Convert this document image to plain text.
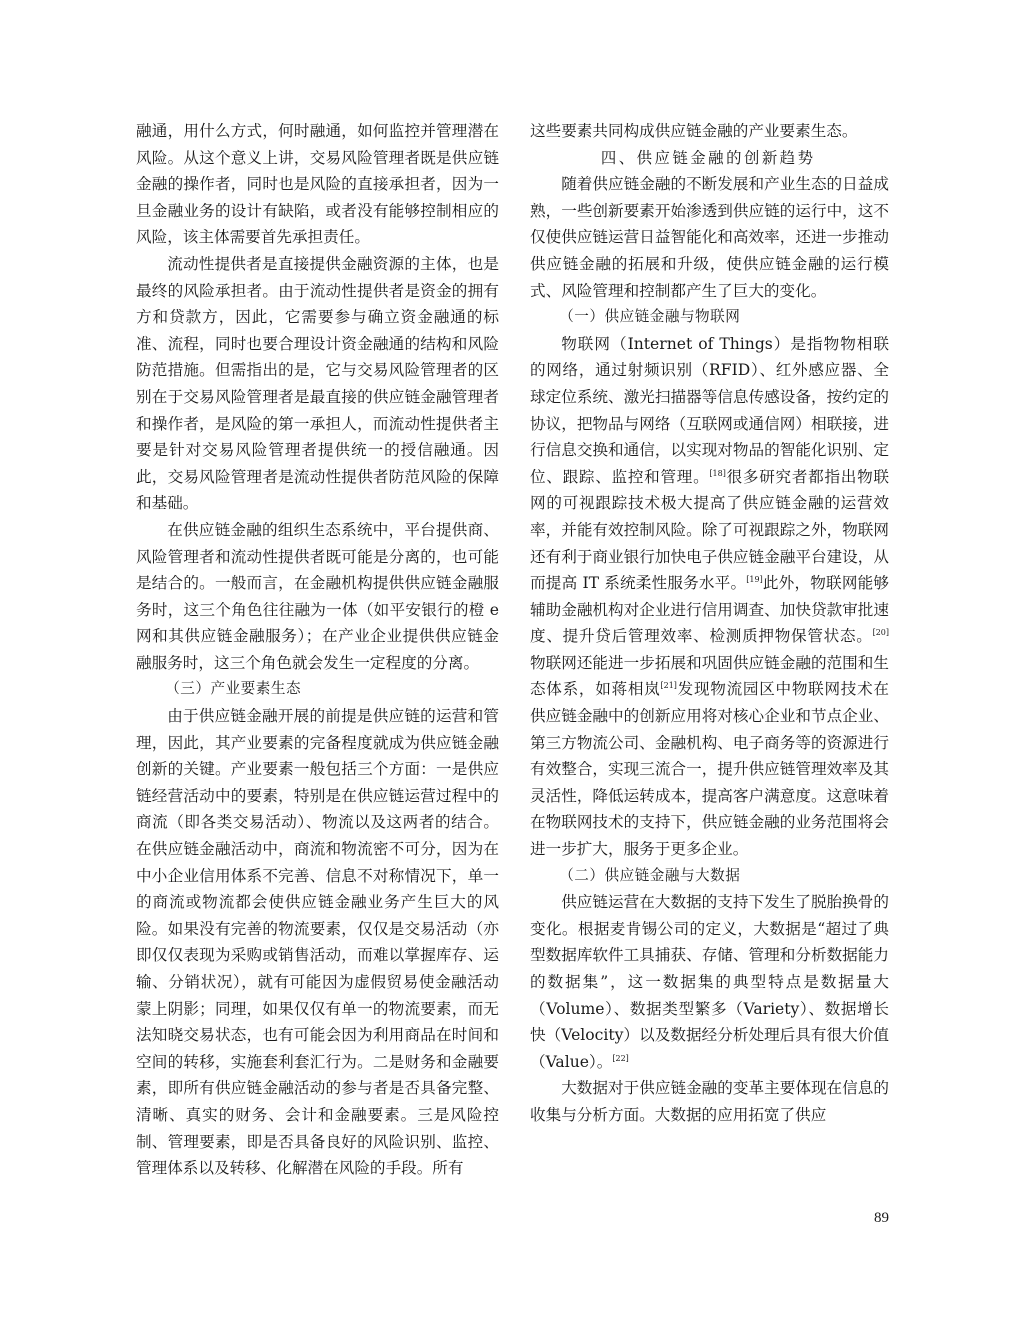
融通，用什么方式，何时融通，如何监控并管理潜在风险。从这个意义上讲，交易风险管理者既是供应链金融的操作者，同时也是风险的直接承担者，因为一旦金融业务的设计有缺陷，或者没有能够控制相应的风险，该主体需要首先承担责任。

流动性提供者是直接提供金融资源的主体，也是最终的风险承担者。由于流动性提供者是资金的拥有方和贷款方，因此，它需要参与确立资金融通的标准、流程，同时也要合理设计资金融通的结构和风险防范措施。但需指出的是，它与交易风险管理者的区别在于交易风险管理者是最直接的供应链金融管理者和操作者，是风险的第一承担人，而流动性提供者主要是针对交易风险管理者提供统一的授信融通。因此，交易风险管理者是流动性提供者防范风险的保障和基础。

在供应链金融的组织生态系统中，平台提供商、风险管理者和流动性提供者既可能是分离的，也可能是结合的。一般而言，在金融机构提供供应链金融服务时，这三个角色往往融为一体（如平安银行的橙 e 网和其供应链金融服务）；在产业企业提供供应链金融服务时，这三个角色就会发生一定程度的分离。

（三）产业要素生态

由于供应链金融开展的前提是供应链的运营和管理，因此，其产业要素的完备程度就成为供应链金融创新的关键。产业要素一般包括三个方面：一是供应链经营活动中的要素，特别是在供应链运营过程中的商流（即各类交易活动）、物流以及这两者的结合。在供应链金融活动中，商流和物流密不可分，因为在中小企业信用体系不完善、信息不对称情况下，单一的商流或物流都会使供应链金融业务产生巨大的风险。如果没有完善的物流要素，仅仅是交易活动（亦即仅仅表现为采购或销售活动，而难以掌握库存、运输、分销状况），就有可能因为虚假贸易使金融活动蒙上阴影；同理，如果仅仅有单一的物流要素，而无法知晓交易状态，也有可能会因为利用商品在时间和空间的转移，实施套利套汇行为。二是财务和金融要素，即所有供应链金融活动的参与者是否具备完整、清晰、真实的财务、会计和金融要素。三是风险控制、管理要素，即是否具备良好的风险识别、监控、管理体系以及转移、化解潜在风险的手段。所有

这些要素共同构成供应链金融的产业要素生态。

四、供应链金融的创新趋势

随着供应链金融的不断发展和产业生态的日益成熟，一些创新要素开始渗透到供应链的运行中，这不仅使供应链运营日益智能化和高效率，还进一步推动供应链金融的拓展和升级，使供应链金融的运行模式、风险管理和控制都产生了巨大的变化。

（一）供应链金融与物联网

物联网（Internet of Things）是指物物相联的网络，通过射频识别（RFID）、红外感应器、全球定位系统、激光扫描器等信息传感设备，按约定的协议，把物品与网络（互联网或通信网）相联接，进行信息交换和通信，以实现对物品的智能化识别、定位、跟踪、监控和管理。[18]很多研究者都指出物联网的可视跟踪技术极大提高了供应链金融的运营效率，并能有效控制风险。除了可视跟踪之外，物联网还有利于商业银行加快电子供应链金融平台建设，从而提高 IT 系统柔性服务水平。[19]此外，物联网能够辅助金融机构对企业进行信用调查、加快贷款审批速度、提升贷后管理效率、检测质押物保管状态。[20]物联网还能进一步拓展和巩固供应链金融的范围和生态体系，如蒋相岚[21]发现物流园区中物联网技术在供应链金融中的创新应用将对核心企业和节点企业、第三方物流公司、金融机构、电子商务等的资源进行有效整合，实现三流合一，提升供应链管理效率及其灵活性，降低运转成本，提高客户满意度。这意味着在物联网技术的支持下，供应链金融的业务范围将会进一步扩大，服务于更多企业。

（二）供应链金融与大数据

供应链运营在大数据的支持下发生了脱胎换骨的变化。根据麦肯锡公司的定义，大数据是“超过了典型数据库软件工具捕获、存储、管理和分析数据能力的数据集”，这一数据集的典型特点是数据量大（Volume）、数据类型繁多（Variety）、数据增长快（Velocity）以及数据经分析处理后具有很大价值（Value）。[22]

大数据对于供应链金融的变革主要体现在信息的收集与分析方面。大数据的应用拓宽了供应

89
